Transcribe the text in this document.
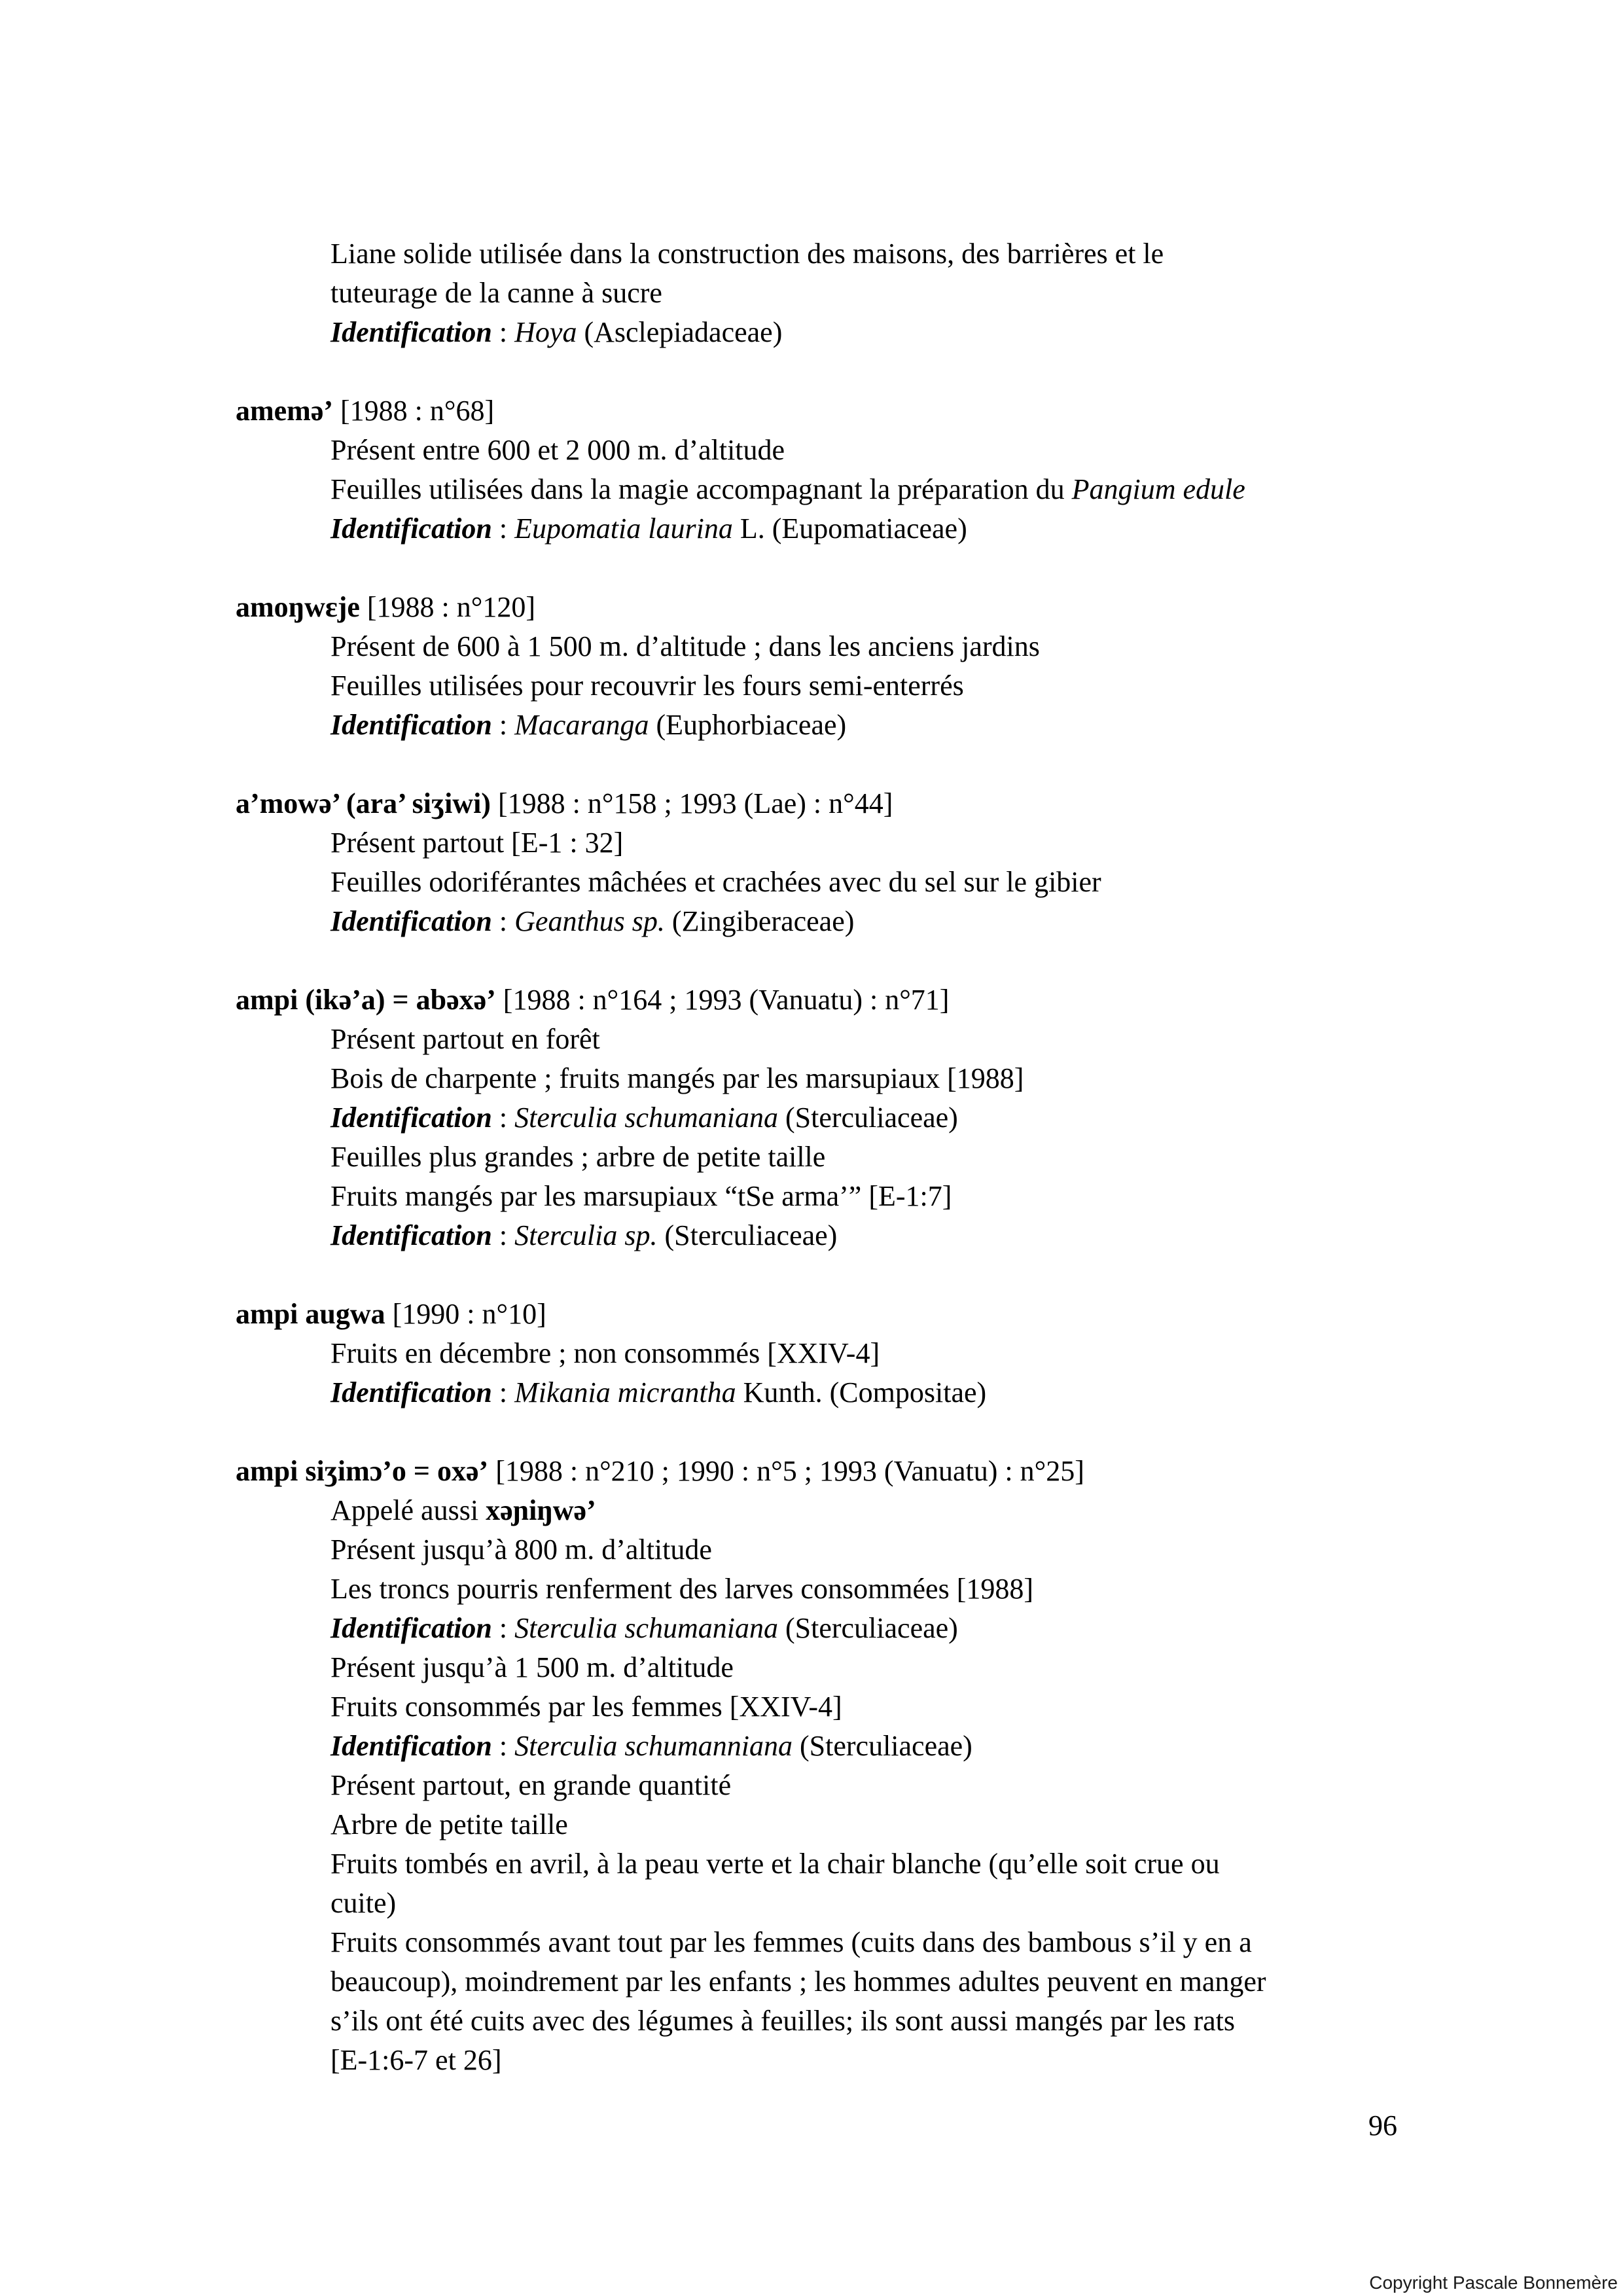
Liane solide utilisée dans la construction des maisons, des barrières et le
tuteurage de la canne à sucre
Identification : Hoya (Asclepiadaceae)
amemə’ [1988 : n°68]
Présent entre 600 et 2 000 m. d’altitude
Feuilles utilisées dans la magie accompagnant la préparation du Pangium edule
Identification : Eupomatia laurina L. (Eupomatiaceae)
amoŋwɛje [1988 : n°120]
Présent de 600 à 1 500 m. d’altitude ; dans les anciens jardins
Feuilles utilisées pour recouvrir les fours semi-enterrés
Identification : Macaranga (Euphorbiaceae)
a’mowə’ (ara’ siʒiwi) [1988 : n°158 ; 1993 (Lae) : n°44]
Présent partout [E-1 : 32]
Feuilles odoriférantes mâchées et crachées avec du sel sur le gibier
Identification : Geanthus sp. (Zingiberaceae)
ampi (ikə’a) = abəxə’ [1988 : n°164 ; 1993 (Vanuatu) : n°71]
Présent partout en forêt
Bois de charpente ; fruits mangés par les marsupiaux [1988]
Identification : Sterculia schumaniana (Sterculiaceae)
Feuilles plus grandes ; arbre de petite taille
Fruits mangés par les marsupiaux “tSe arma’” [E-1:7]
Identification : Sterculia sp. (Sterculiaceae)
ampi augwa [1990 : n°10]
Fruits en décembre ; non consommés [XXIV-4]
Identification : Mikania micrantha Kunth. (Compositae)
ampi siʒimɔ’o = oxə’ [1988 : n°210 ; 1990 : n°5 ; 1993 (Vanuatu) : n°25]
Appelé aussi xəɲiŋwə’
Présent jusqu’à 800 m. d’altitude
Les troncs pourris renferment des larves consommées [1988]
Identification : Sterculia schumaniana (Sterculiaceae)
Présent jusqu’à 1 500 m. d’altitude
Fruits consommés par les femmes [XXIV-4]
Identification : Sterculia schumanniana (Sterculiaceae)
Présent partout, en grande quantité
Arbre de petite taille
Fruits tombés en avril, à la peau verte et la chair blanche (qu’elle soit crue ou
cuite)
Fruits consommés avant tout par les femmes (cuits dans des bambous s’il y en a
beaucoup), moindrement par les enfants ; les hommes adultes peuvent en manger
s’ils ont été cuits avec des légumes à feuilles; ils sont aussi mangés par les rats
[E-1:6-7 et 26]
96
Copyright Pascale Bonnemère
